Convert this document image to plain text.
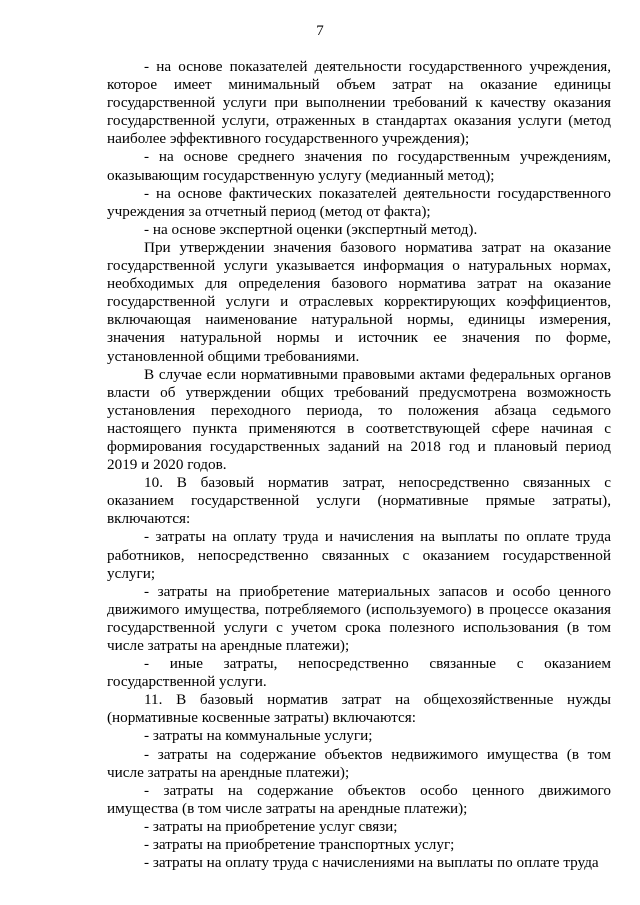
7

- на основе показателей деятельности государственного учреждения, которое имеет минимальный объем затрат на оказание единицы государственной услуги при выполнении требований к качеству оказания государственной услуги, отраженных в стандартах оказания услуги (метод наиболее эффективного государственного учреждения);

- на основе среднего значения по государственным учреждениям, оказывающим государственную услугу (медианный метод);

- на основе фактических показателей деятельности государственного учреждения за отчетный период (метод от факта);

- на основе экспертной оценки (экспертный метод).

При утверждении значения базового норматива затрат на оказание государственной услуги указывается информация о натуральных нормах, необходимых для определения базового норматива затрат на оказание государственной услуги и отраслевых корректирующих коэффициентов, включающая наименование натуральной нормы, единицы измерения, значения натуральной нормы и источник ее значения по форме, установленной общими требованиями.

В случае если нормативными правовыми актами федеральных органов власти об утверждении общих требований предусмотрена возможность установления переходного периода, то положения абзаца седьмого настоящего пункта применяются в соответствующей сфере начиная с формирования государственных заданий на 2018 год и плановый период 2019 и 2020 годов.

10. В базовый норматив затрат, непосредственно связанных с оказанием государственной услуги (нормативные прямые затраты), включаются:

- затраты на оплату труда и начисления на выплаты по оплате труда работников, непосредственно связанных с оказанием государственной услуги;

- затраты на приобретение материальных запасов и особо ценного движимого имущества, потребляемого (используемого) в процессе оказания государственной услуги с учетом срока полезного использования (в том числе затраты на арендные платежи);

- иные затраты, непосредственно связанные с оказанием государственной услуги.

11. В базовый норматив затрат на общехозяйственные нужды (нормативные косвенные затраты) включаются:

- затраты на коммунальные услуги;

- затраты на содержание объектов недвижимого имущества (в том числе затраты на арендные платежи);

- затраты на содержание объектов особо ценного движимого имущества (в том числе затраты на арендные платежи);

- затраты на приобретение услуг связи;

- затраты на приобретение транспортных услуг;

- затраты на оплату труда с начислениями на выплаты по оплате труда
